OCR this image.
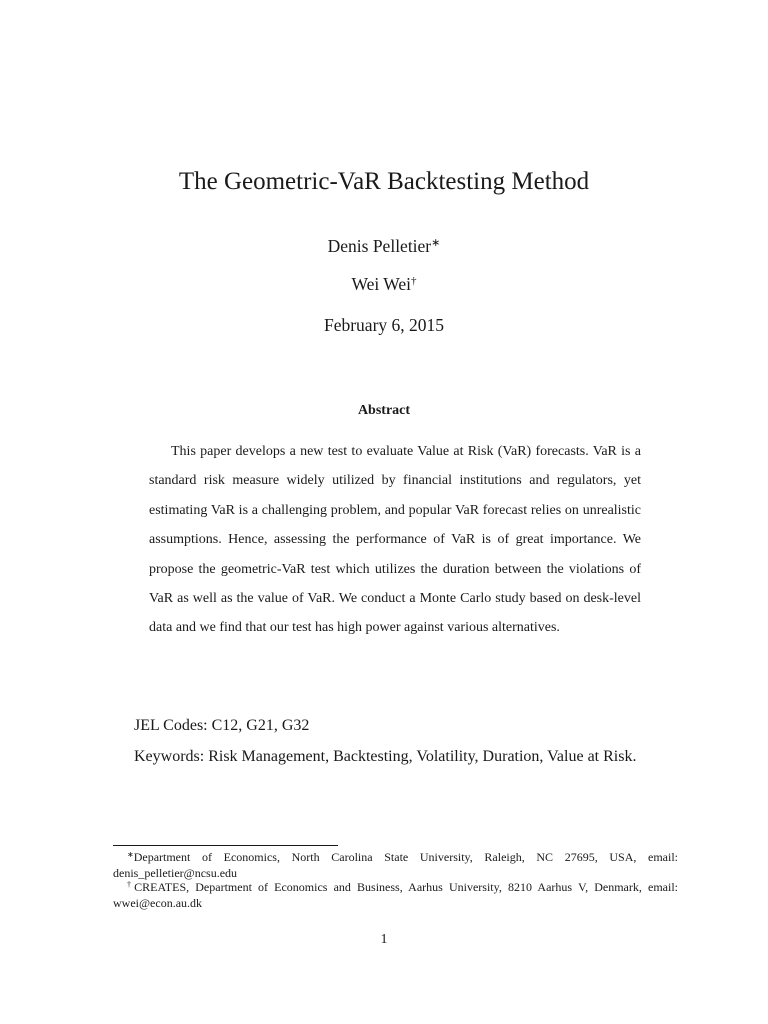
The Geometric-VaR Backtesting Method
Denis Pelletier∗
Wei Wei†
February 6, 2015
Abstract

This paper develops a new test to evaluate Value at Risk (VaR) forecasts. VaR is a standard risk measure widely utilized by financial institutions and regulators, yet estimating VaR is a challenging problem, and popular VaR forecast relies on unrealistic assumptions. Hence, assessing the performance of VaR is of great importance. We propose the geometric-VaR test which utilizes the duration between the violations of VaR as well as the value of VaR. We conduct a Monte Carlo study based on desk-level data and we find that our test has high power against various alternatives.

JEL Codes: C12, G21, G32
Keywords: Risk Management, Backtesting, Volatility, Duration, Value at Risk.

∗Department of Economics, North Carolina State University, Raleigh, NC 27695, USA, email: denis_pelletier@ncsu.edu

†CREATES, Department of Economics and Business, Aarhus University, 8210 Aarhus V, Denmark, email: wwei@econ.au.dk

1
